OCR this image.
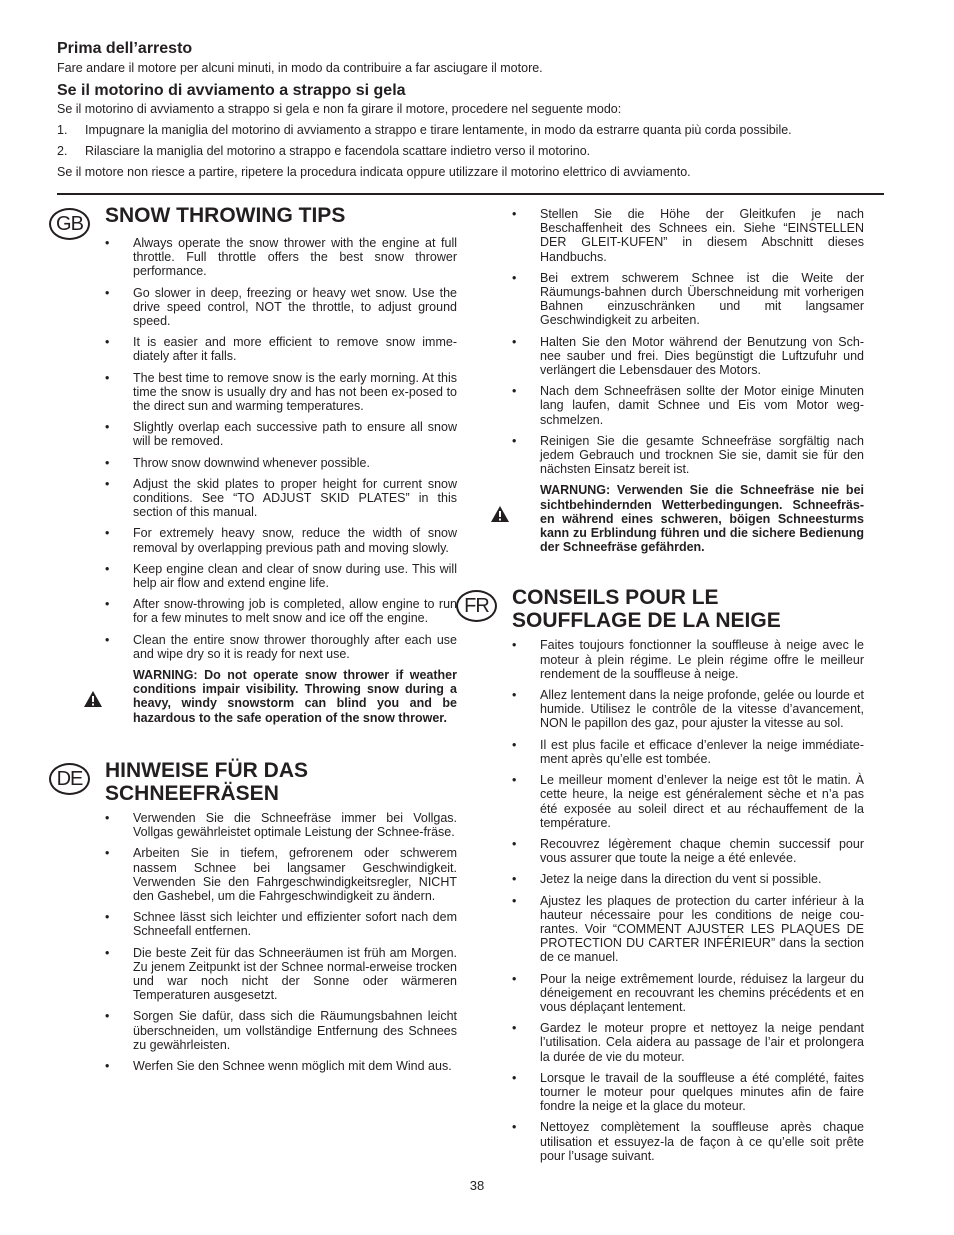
Prima dell’arresto
Fare andare il motore per alcuni minuti, in modo da contribuire a far asciugare il motore.
Se il motorino di avviamento a strappo si gela
Se il motorino di avviamento a strappo si gela e non fa girare il motore, procedere nel seguente modo:
1. Impugnare la maniglia del motorino di avviamento a strappo e tirare lentamente, in modo da estrarre quanta più corda possibile.
2. Rilasciare la maniglia del motorino a strappo e facendola scattare indietro verso il motorino.
Se il motore non riesce a partire, ripetere la procedura indicata oppure utilizzare il motorino elettrico di avviamento.
GB	SNOW THROWING TIPS
• Always operate the snow thrower with the engine at full throttle. Full throttle offers the best snow thrower performance.
• Go slower in deep, freezing or heavy wet snow. Use the drive speed control, NOT the throttle, to adjust ground speed.
• It is easier and more efficient to remove snow imme-diately after it falls.
• The best time to remove snow is the early morning. At this time the snow is usually dry and has not been ex-posed to the direct sun and warming temperatures.
• Slightly overlap each successive path to ensure all snow will be removed.
• Throw snow downwind whenever possible.
• Adjust the skid plates to proper height for current snow conditions. See “TO ADJUST SKID PLATES” in this section of this manual.
• For extremely heavy snow, reduce the width of snow removal by overlapping previous path and moving slowly.
• Keep engine clean and clear of snow during use. This will help air flow and extend engine life.
• After snow-throwing job is completed, allow engine to run for a few minutes to melt snow and ice off the engine.
• Clean the entire snow thrower thoroughly after each use and wipe dry so it is ready for next use.
WARNING: Do not operate snow thrower if weather conditions impair visibility. Throwing snow during a heavy, windy snowstorm can blind you and be hazardous to the safe operation of the snow thrower.
DE	HINWEISE FÜR DAS
SCHNEEFRÄSEN
• Verwenden Sie die Schneefräse immer bei Vollgas. Vollgas gewährleistet optimale Leistung der Schnee-fräse.
• Arbeiten Sie in tiefem, gefrorenem oder schwerem nassem Schnee bei langsamer Geschwindigkeit. Verwenden Sie den Fahrgeschwindigkeitsregler, NICHT den Gashebel, um die Fahrgeschwindigkeit zu ändern.
• Schnee lässt sich leichter und effizienter sofort nach dem Schneefall entfernen.
• Die beste Zeit für das Schneeräumen ist früh am Morgen. Zu jenem Zeitpunkt ist der Schnee normal-erweise trocken und war noch nicht der Sonne oder wärmeren Temperaturen ausgesetzt.
• Sorgen Sie dafür, dass sich die Räumungsbahnen leicht überschneiden, um vollständige Entfernung des Schnees zu gewährleisten.
• Werfen Sie den Schnee wenn möglich mit dem Wind aus.
• Stellen Sie die Höhe der Gleitkufen je nach Beschaffenheit des Schnees ein. Siehe “EINSTELLEN DER GLEIT-KUFEN” in diesem Abschnitt dieses Handbuchs.
• Bei extrem schwerem Schnee ist die Weite der Räumungs-bahnen durch Überschneidung mit vorherigen Bahnen einzuschränken und mit langsamer Geschwindigkeit zu arbeiten.
• Halten Sie den Motor während der Benutzung von Sch-nee sauber und frei. Dies begünstigt die Luftzufuhr und verlängert die Lebensdauer des Motors.
• Nach dem Schneefräsen sollte der Motor einige Minuten lang laufen, damit Schnee und Eis vom Motor weg-schmelzen.
• Reinigen Sie die gesamte Schneefräse sorgfältig nach jedem Gebrauch und trocknen Sie sie, damit sie für den nächsten Einsatz bereit ist.
WARNUNG: Verwenden Sie die Schneefräse nie bei sichtbehindernden Wetterbedingungen. Schneefräs-en während eines schweren, böigen Schneesturms kann zu Erblindung führen und die sichere Bedienung der Schneefräse gefährden.
FR	CONSEILS POUR LE
SOUFFLAGE DE LA NEIGE
• Faites toujours fonctionner la souffleuse à neige avec le moteur à plein régime. Le plein régime offre le meilleur rendement de la souffleuse à neige.
• Allez lentement dans la neige profonde, gelée ou lourde et humide. Utilisez le contrôle de la vitesse d’avancement, NON le papillon des gaz, pour ajuster la vitesse au sol.
• Il est plus facile et efficace d’enlever la neige immédiate-ment après qu’elle est tombée.
• Le meilleur moment d’enlever la neige est tôt le matin. À cette heure, la neige est généralement sèche et n’a pas été exposée au soleil direct et au réchauffement de la température.
• Recouvrez légèrement chaque chemin successif pour vous assurer que toute la neige a été enlevée.
• Jetez la neige dans la direction du vent si possible.
• Ajustez les plaques de protection du carter inférieur à la hauteur nécessaire pour les conditions de neige cou-rantes. Voir “COMMENT AJUSTER LES PLAQUES DE PROTECTION DU CARTER INFÉRIEUR” dans la section de ce manuel.
• Pour la neige extrêmement lourde, réduisez la largeur du déneigement en recouvrant les chemins précédents et en vous déplaçant lentement.
• Gardez le moteur propre et nettoyez la neige pendant l’utilisation. Cela aidera au passage de l’air et prolongera la durée de vie du moteur.
• Lorsque le travail de la souffleuse a été complété, faites tourner le moteur pour quelques minutes afin de faire fondre la neige et la glace du moteur.
• Nettoyez complètement la souffleuse après chaque utilisation et essuyez-la de façon à ce qu’elle soit prête pour l’usage suivant.
38
